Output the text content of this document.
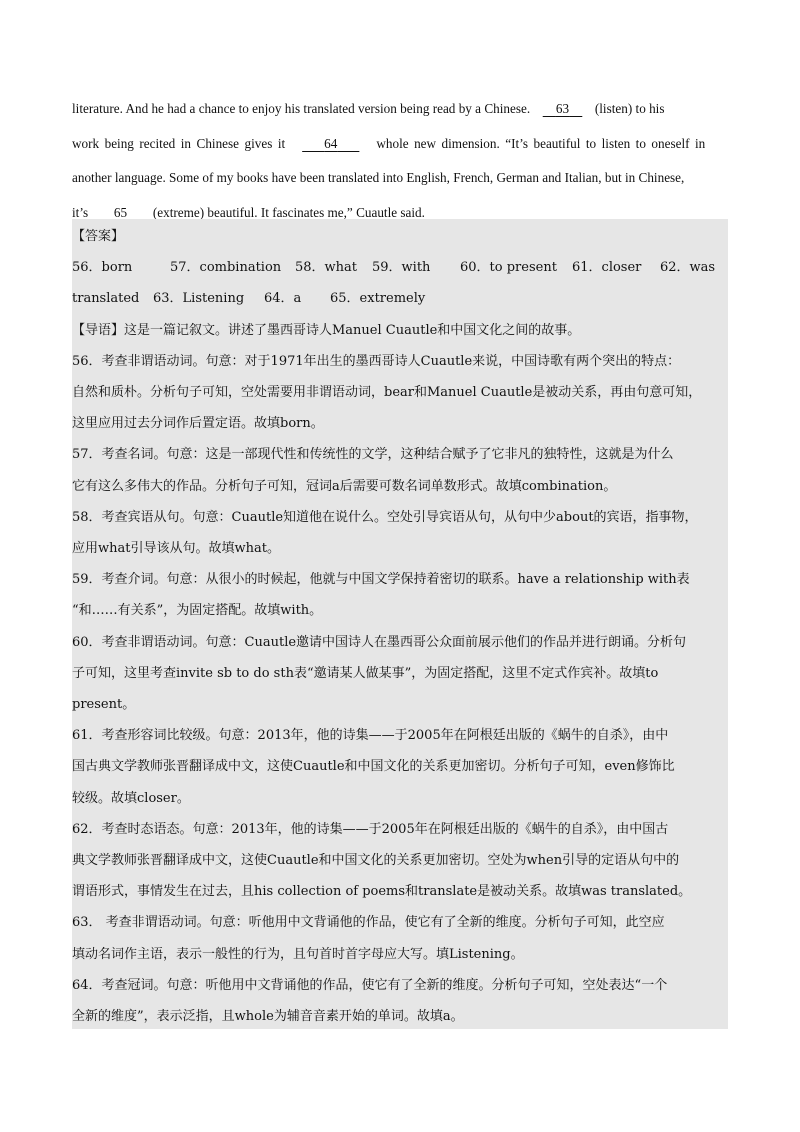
literature. And he had a chance to enjoy his translated version being read by a Chinese. 63 (listen) to his
work being recited in Chinese gives it	64	whole new dimension. “It’s beautiful to listen to oneself in
another language. Some of my books have been translated into English, French, German and Italian, but in Chinese,
it’s 65 (extreme) beautiful. It fascinates me,” Cuautle said.
【答案】
56．born	57．combination 58．what 59．with 60．to present 61．closer 62．was
translated 63．Listening 64．a 65．extremely
【导语】这是一篇记叙文。讲述了墨西哥诗人Manuel Cuautle和中国文化之间的故事。
56．考查非谓语动词。句意：对于1971年出生的墨西哥诗人Cuautle来说，中国诗歌有两个突出的特点：
自然和质朴。分析句子可知，空处需要用非谓语动词，bear和Manuel Cuautle是被动关系，再由句意可知，
这里应用过去分词作后置定语。故填born。
57．考查名词。句意：这是一部现代性和传统性的文学，这种结合赋予了它非凡的独特性，这就是为什么
它有这么多伟大的作品。分析句子可知，冠词a后需要可数名词单数形式。故填combination。
58．考查宾语从句。句意：Cuautle知道他在说什么。空处引导宾语从句，从句中少about的宾语，指事物，
应用what引导该从句。故填what。
59．考查介词。句意：从很小的时候起，他就与中国文学保持着密切的联系。have a relationship with表
“和……有关系”，为固定搭配。故填with。
60．考查非谓语动词。句意：Cuautle邀请中国诗人在墨西哥公众面前展示他们的作品并进行朗诵。分析句
子可知，这里考查invite sb to do sth表“邀请某人做某事”，为固定搭配，这里不定式作宾补。故填to
present。
61．考查形容词比较级。句意：2013年，他的诗集——于2005年在阿根廷出版的《蜗牛的自杀》，由中
国古典文学教师张晋翻译成中文，这使Cuautle和中国文化的关系更加密切。分析句子可知，even修饰比
较级。故填closer。
62．考查时态语态。句意：2013年，他的诗集——于2005年在阿根廷出版的《蜗牛的自杀》，由中国古
典文学教师张晋翻译成中文，这使Cuautle和中国文化的关系更加密切。空处为when引导的定语从句中的
谓语形式，事情发生在过去，且his collection of poems和translate是被动关系。故填was translated。
63． 考查非谓语动词。句意：听他用中文背诵他的作品，使它有了全新的维度。分析句子可知，此空应
填动名词作主语，表示一般性的行为，且句首时首字母应大写。填Listening。
64．考查冠词。句意：听他用中文背诵他的作品，使它有了全新的维度。分析句子可知，空处表达“一个
全新的维度”，表示泛指，且whole为辅音音素开始的单词。故填a。
